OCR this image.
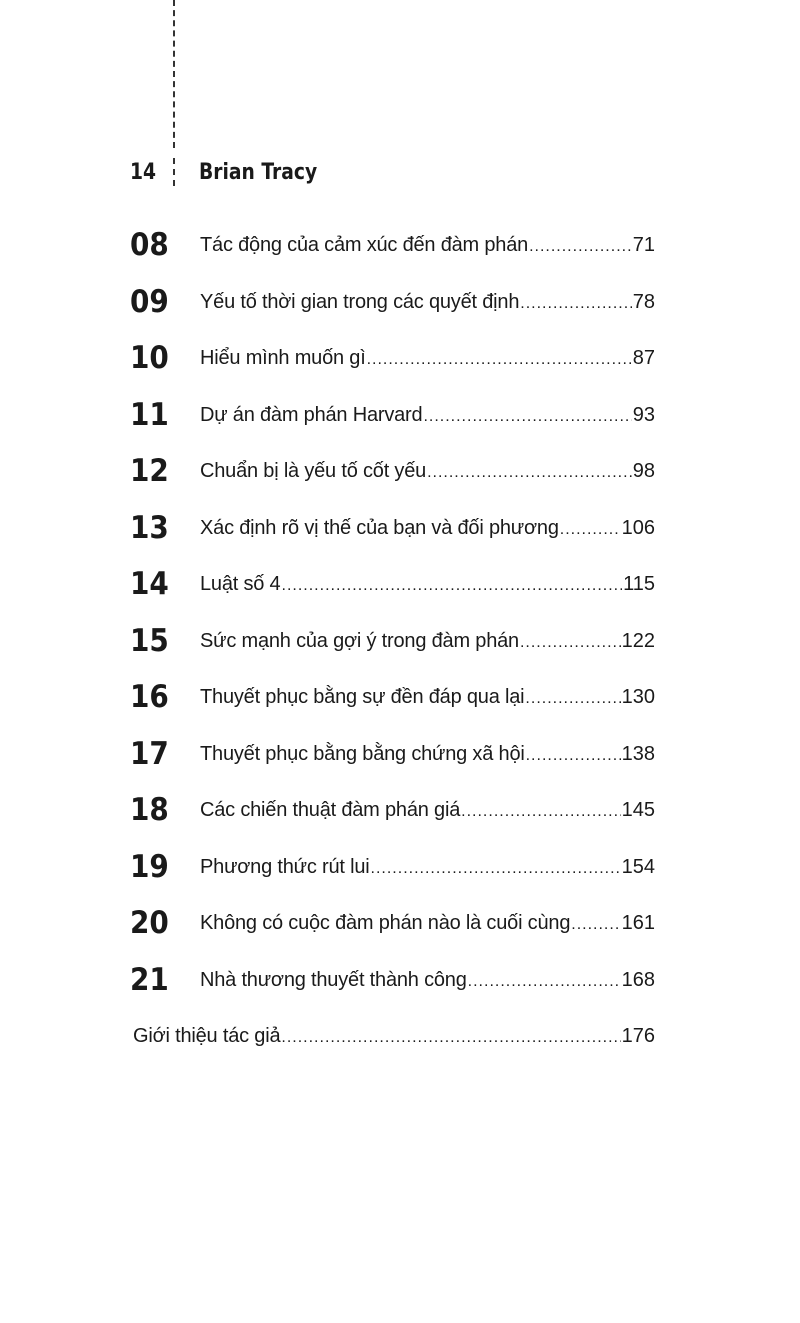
14 Brian Tracy
08 Tác động của cảm xúc đến đàm phán .....	71
09 Yếu tố thời gian trong các quyết định .....	78
10 Hiểu mình muốn gì .....	87
11 Dự án đàm phán Harvard .....	93
12 Chuẩn bị là yếu tố cốt yếu .....	98
13 Xác định rõ vị thế của bạn và đối phương .....	106
14 Luật số 4 .....	115
15 Sức mạnh của gợi ý trong đàm phán .....	122
16 Thuyết phục bằng sự đền đáp qua lại .....	130
17 Thuyết phục bằng bằng chứng xã hội .....	138
18 Các chiến thuật đàm phán giá .....	145
19 Phương thức rút lui .....	154
20 Không có cuộc đàm phán nào là cuối cùng .....	161
21 Nhà thương thuyết thành công .....	168
Giới thiệu tác giả .....	176
